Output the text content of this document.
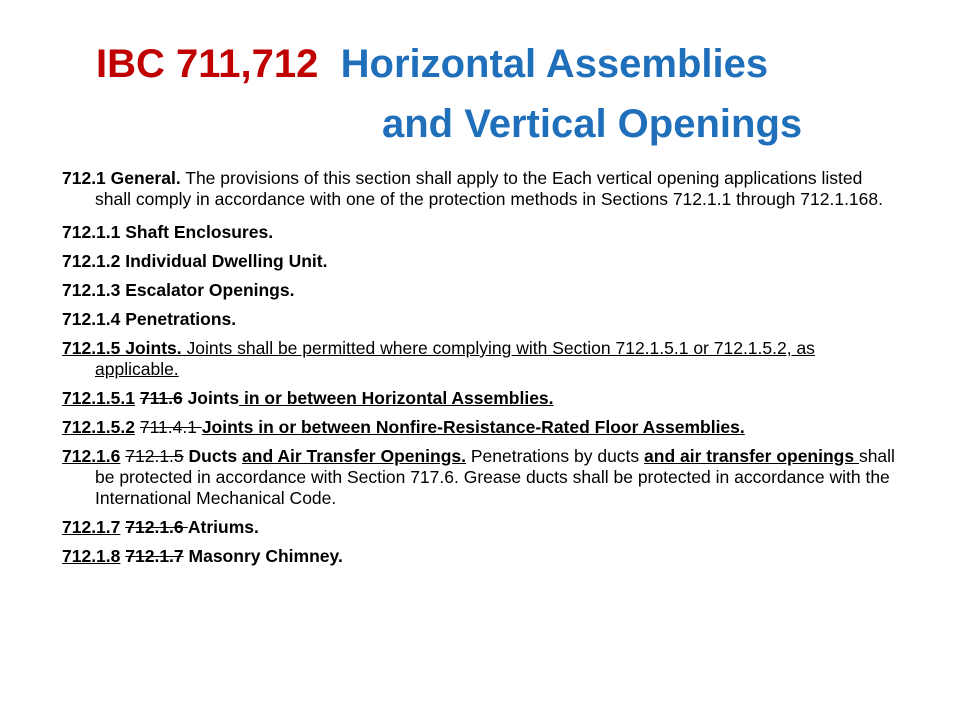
IBC 711,712 Horizontal Assemblies
and Vertical Openings

712.1 General. The provisions of this section shall apply to the Each vertical opening applications listed shall comply in accordance with one of the protection methods in Sections 712.1.1 through 712.1.168.

712.1.1 Shaft Enclosures.

712.1.2 Individual Dwelling Unit.

712.1.3 Escalator Openings.

712.1.4 Penetrations.

712.1.5 Joints. Joints shall be permitted where complying with Section 712.1.5.1 or 712.1.5.2, as applicable.

712.1.5.1 711.6 Joints in or between Horizontal Assemblies.

712.1.5.2 711.4.1 Joints in or between Nonfire-Resistance-Rated Floor Assemblies.

712.1.6 712.1.5 Ducts and Air Transfer Openings. Penetrations by ducts and air transfer openings shall be protected in accordance with Section 717.6. Grease ducts shall be protected in accordance with the International Mechanical Code.

712.1.7 712.1.6 Atriums.

712.1.8 712.1.7 Masonry Chimney.
